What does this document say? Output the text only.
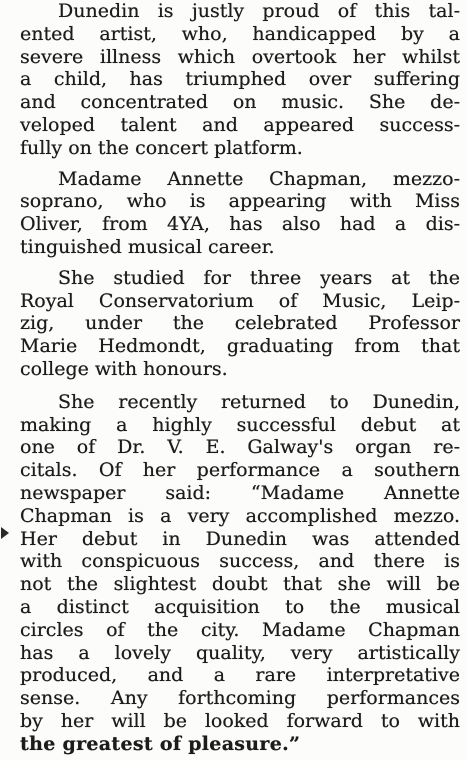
Dunedin is justly proud of this tal-
ented artist, who, handicapped by a
severe illness which overtook her whilst
a child, has triumphed over suffering
and concentrated on music. She de-
veloped talent and appeared success-
fully on the concert platform.
Madame Annette Chapman, mezzo-
soprano, who is appearing with Miss
Oliver, from 4YA, has also had a dis-
tinguished musical career.
She studied for three years at the
Royal Conservatorium of Music, Leip-
zig, under the celebrated Professor
Marie Hedmondt, graduating from that
college with honours.
She recently returned to Dunedin,
making a highly successful debut at
one of Dr. V. E. Galway's organ re-
citals. Of her performance a southern
newspaper said: “Madame Annette
Chapman is a very accomplished mezzo.
Her debut in Dunedin was attended
with conspicuous success, and there is
not the slightest doubt that she will be
a distinct acquisition to the musical
circles of the city. Madame Chapman
has a lovely quality, very artistically
produced, and a rare interpretative
sense. Any forthcoming performances
by her will be looked forward to with
the greatest of pleasure.”
